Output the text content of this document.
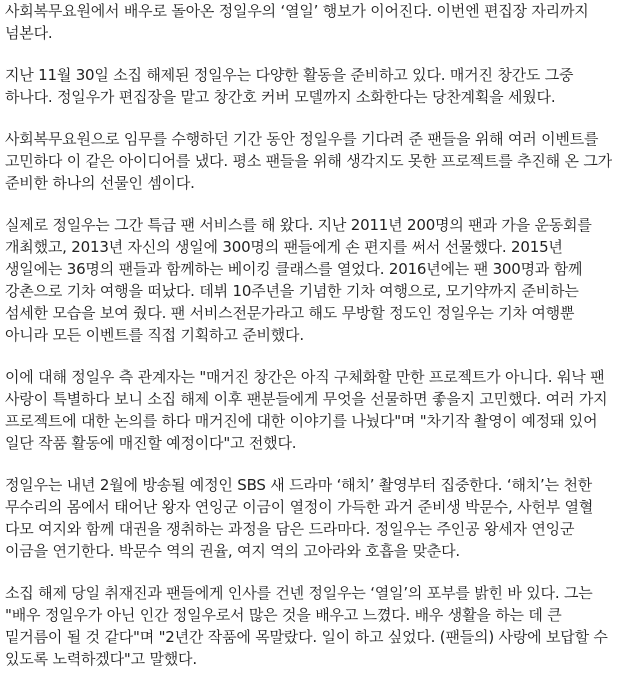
사회복무요원에서 배우로 돌아온 정일우의 ‘열일’ 행보가 이어진다. 이번엔 편집장 자리까지 넘본다.

지난 11월 30일 소집 해제된 정일우는 다양한 활동을 준비하고 있다. 매거진 창간도 그중 하나다. 정일우가 편집장을 맡고 창간호 커버 모델까지 소화한다는 당찬계획을 세웠다.

사회복무요원으로 임무를 수행하던 기간 동안 정일우를 기다려 준 팬들을 위해 여러 이벤트를 고민하다 이 같은 아이디어를 냈다. 평소 팬들을 위해 생각지도 못한 프로젝트를 추진해 온 그가 준비한 하나의 선물인 셈이다.

실제로 정일우는 그간 특급 팬 서비스를 해 왔다. 지난 2011년 200명의 팬과 가을 운동회를 개최했고, 2013년 자신의 생일에 300명의 팬들에게 손 편지를 써서 선물했다. 2015년 생일에는 36명의 팬들과 함께하는 베이킹 클래스를 열었다. 2016년에는 팬 300명과 함께 강촌으로 기차 여행을 떠났다. 데뷔 10주년을 기념한 기차 여행으로, 모기약까지 준비하는 섬세한 모습을 보여 줬다. 팬 서비스전문가라고 해도 무방할 정도인 정일우는 기차 여행뿐 아니라 모든 이벤트를 직접 기획하고 준비했다.

이에 대해 정일우 측 관계자는 "매거진 창간은 아직 구체화할 만한 프로젝트가 아니다. 워낙 팬 사랑이 특별하다 보니 소집 해제 이후 팬분들에게 무엇을 선물하면 좋을지 고민했다. 여러 가지 프로젝트에 대한 논의를 하다 매거진에 대한 이야기를 나눴다"며 "차기작 촬영이 예정돼 있어 일단 작품 활동에 매진할 예정이다"고 전했다.

정일우는 내년 2월에 방송될 예정인 SBS 새 드라마 ‘해치’ 촬영부터 집중한다. ‘해치’는 천한 무수리의 몸에서 태어난 왕자 연잉군 이금이 열정이 가득한 과거 준비생 박문수, 사헌부 열혈 다모 여지와 함께 대권을 쟁취하는 과정을 담은 드라마다. 정일우는 주인공 왕세자 연잉군 이금을 연기한다. 박문수 역의 권율, 여지 역의 고아라와 호흡을 맞춘다.

소집 해제 당일 취재진과 팬들에게 인사를 건넨 정일우는 ‘열일’의 포부를 밝힌 바 있다. 그는 "배우 정일우가 아닌 인간 정일우로서 많은 것을 배우고 느꼈다. 배우 생활을 하는 데 큰 밑거름이 될 것 같다"며 "2년간 작품에 목말랐다. 일이 하고 싶었다. (팬들의) 사랑에 보답할 수 있도록 노력하겠다"고 말했다.
